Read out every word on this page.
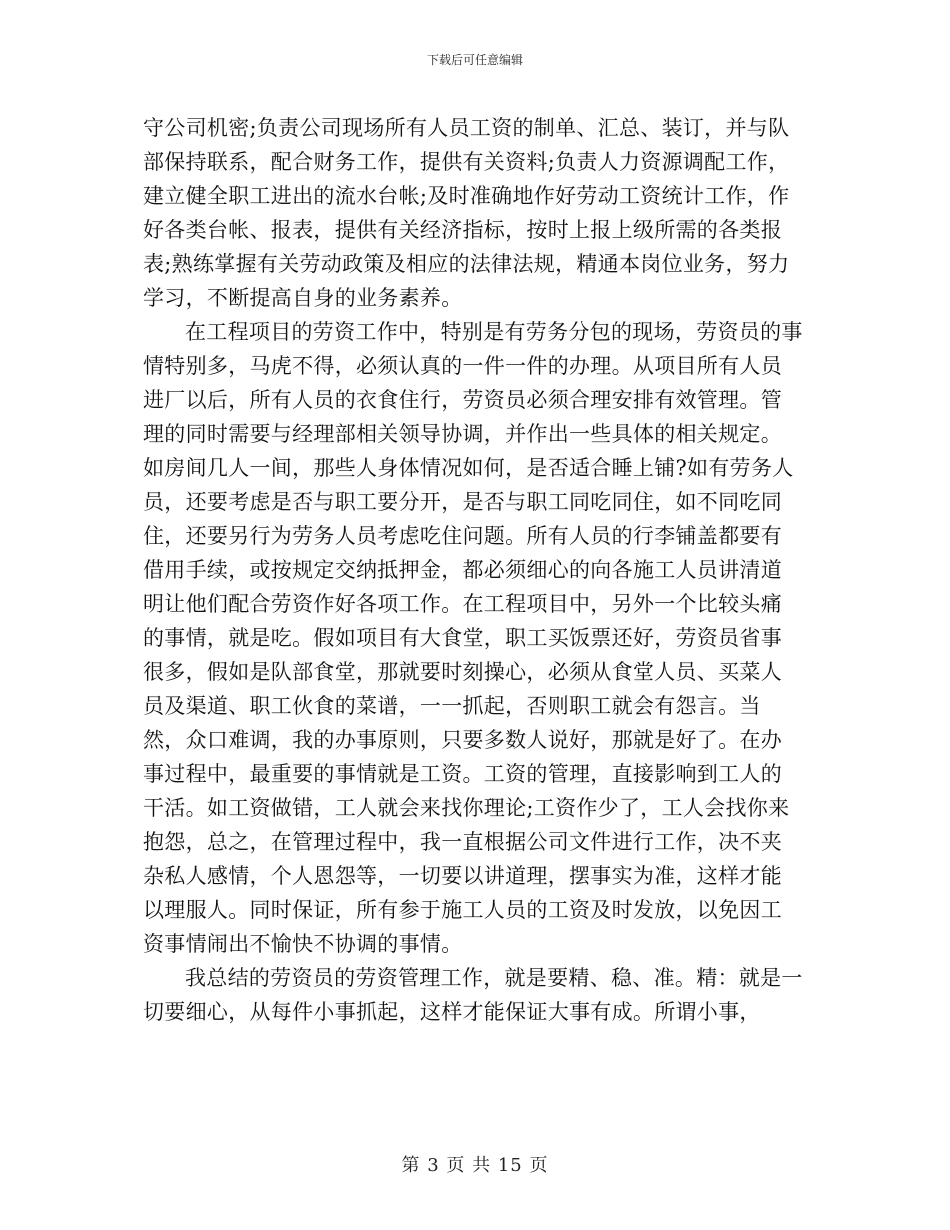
下载后可任意编辑

守公司机密;负责公司现场所有人员工资的制单、汇总、装订，并与队部保持联系，配合财务工作，提供有关资料;负责人力资源调配工作，建立健全职工进出的流水台帐;及时准确地作好劳动工资统计工作，作好各类台帐、报表，提供有关经济指标，按时上报上级所需的各类报表;熟练掌握有关劳动政策及相应的法律法规，精通本岗位业务，努力学习，不断提高自身的业务素养。

在工程项目的劳资工作中，特别是有劳务分包的现场，劳资员的事情特别多，马虎不得，必须认真的一件一件的办理。从项目所有人员进厂以后，所有人员的衣食住行，劳资员必须合理安排有效管理。管理的同时需要与经理部相关领导协调，并作出一些具体的相关规定。如房间几人一间，那些人身体情况如何，是否适合睡上铺?如有劳务人员，还要考虑是否与职工要分开，是否与职工同吃同住，如不同吃同住，还要另行为劳务人员考虑吃住问题。所有人员的行李铺盖都要有借用手续，或按规定交纳抵押金，都必须细心的向各施工人员讲清道明让他们配合劳资作好各项工作。在工程项目中，另外一个比较头痛的事情，就是吃。假如项目有大食堂，职工买饭票还好，劳资员省事很多，假如是队部食堂，那就要时刻操心，必须从食堂人员、买菜人员及渠道、职工伙食的菜谱，一一抓起，否则职工就会有怨言。当然，众口难调，我的办事原则，只要多数人说好，那就是好了。在办事过程中，最重要的事情就是工资。工资的管理，直接影响到工人的干活。如工资做错，工人就会来找你理论;工资作少了，工人会找你来抱怨，总之，在管理过程中，我一直根据公司文件进行工作，决不夹杂私人感情，个人恩怨等，一切要以讲道理，摆事实为准，这样才能以理服人。同时保证，所有参于施工人员的工资及时发放，以免因工资事情闹出不愉快不协调的事情。

我总结的劳资员的劳资管理工作，就是要精、稳、准。精：就是一切要细心，从每件小事抓起，这样才能保证大事有成。所谓小事，

第 3 页 共 15 页
